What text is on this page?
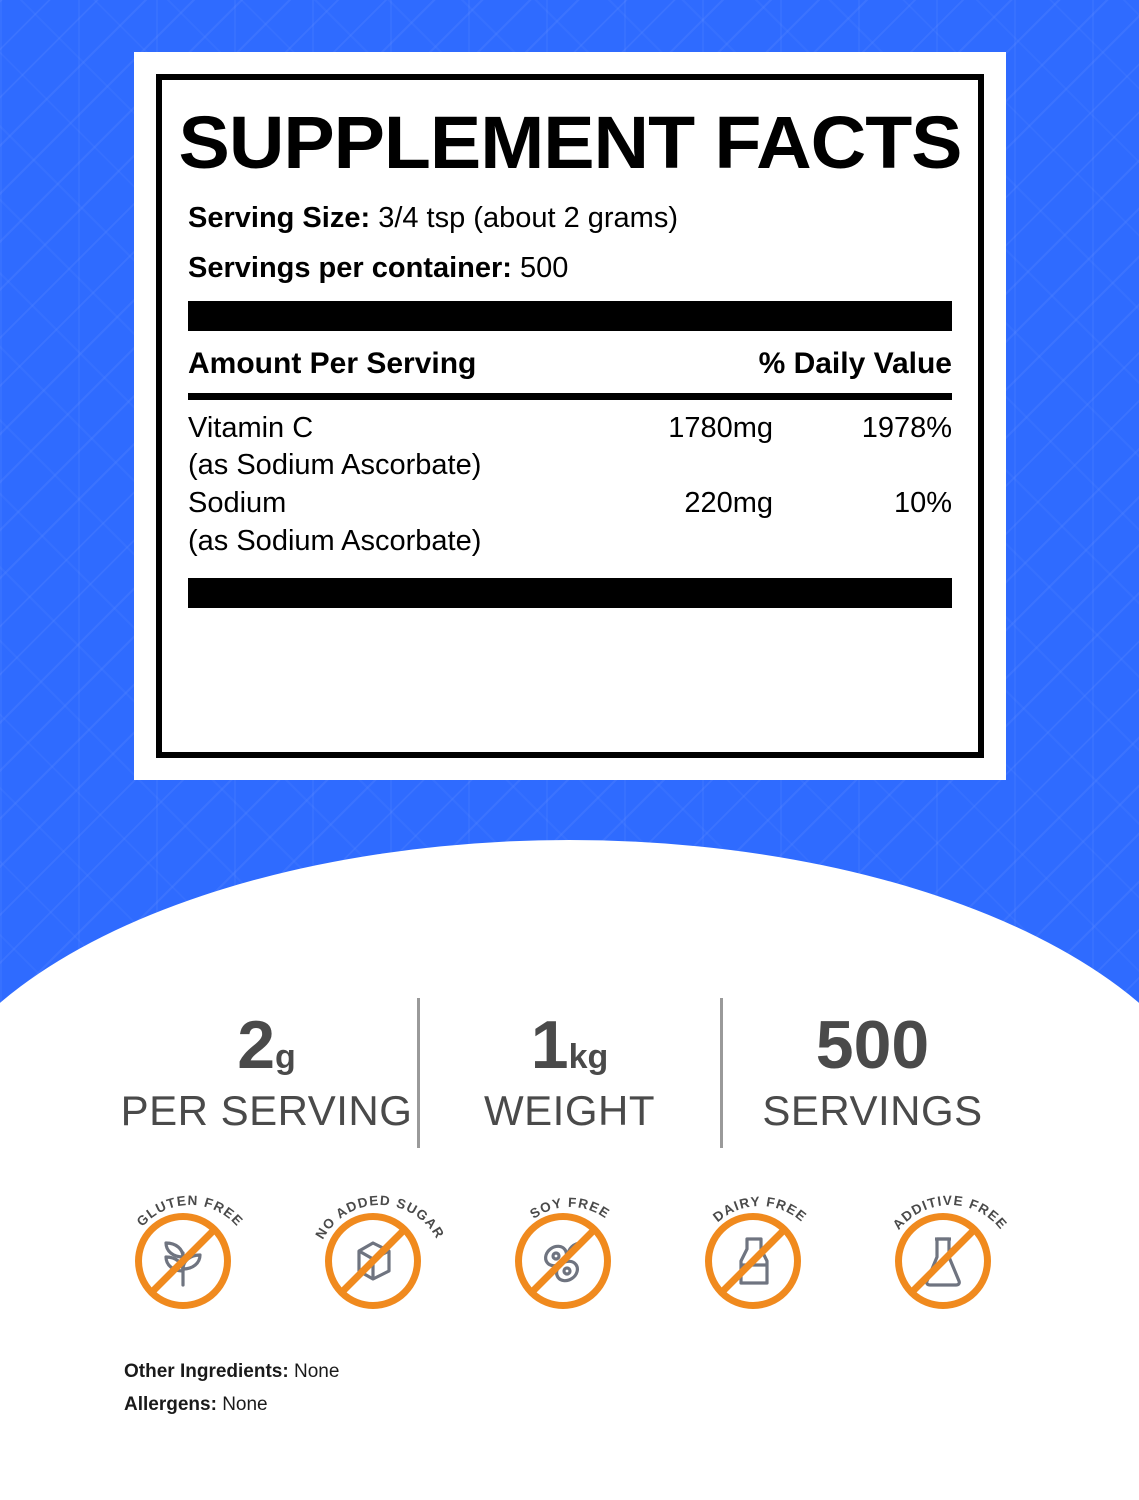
SUPPLEMENT FACTS
Serving Size: 3/4 tsp (about 2 grams)
Servings per container: 500
Amount Per Serving	% Daily Value
Vitamin C	1780mg	1978%
(as Sodium Ascorbate)
Sodium	220mg	10%
(as Sodium Ascorbate)
2g
PER SERVING
1kg
WEIGHT
500
SERVINGS
GLUTEN FREE
NO ADDED SUGAR
SOY FREE	DAIRY FREE	ADDITIVE FREE
Other Ingredients: None
Allergens: None
